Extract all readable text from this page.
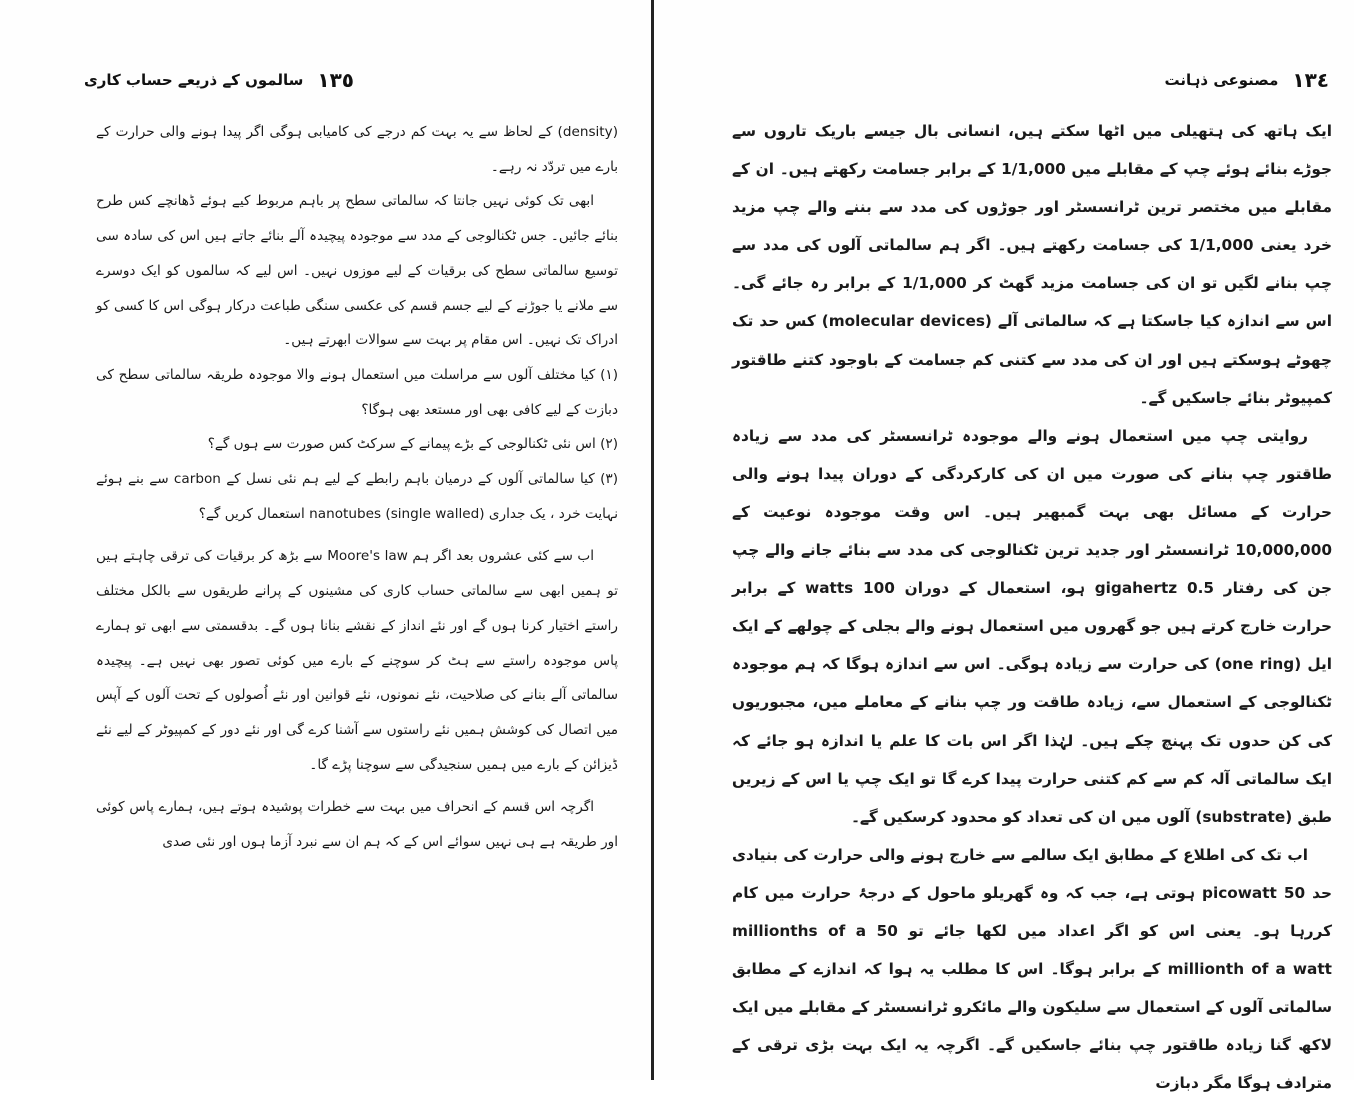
١٣٥
سالموں کے ذریعے حساب کاری

(density) کے لحاظ سے یہ بہت کم درجے کی کامیابی ہوگی اگر پیدا ہونے والی حرارت کے بارے میں تردّد نہ رہے۔

ابھی تک کوئی نہیں جانتا کہ سالماتی سطح پر باہم مربوط کیے ہوئے ڈھانچے کس طرح بنائے جائیں۔ جس ٹکنالوجی کے مدد سے موجودہ پیچیدہ آلے بنائے جاتے ہیں اس کی سادہ سی توسیع سالماتی سطح کی برقیات کے لیے موزوں نہیں۔ اس لیے کہ سالموں کو ایک دوسرے سے ملانے یا جوڑنے کے لیے جسم قسم کی عکسی سنگی طباعت درکار ہوگی اس کا کسی کو ادراک تک نہیں۔ اس مقام پر بہت سے سوالات ابھرتے ہیں۔

(۱) کیا مختلف آلوں سے مراسلت میں استعمال ہونے والا موجودہ طریقہ سالماتی سطح کی دبازت کے لیے کافی بھی اور مستعد بھی ہوگا؟

(۲) اس نئی ٹکنالوجی کے بڑے پیمانے کے سرکٹ کس صورت سے ہوں گے؟

(۳) کیا سالماتی آلوں کے درمیان باہم رابطے کے لیے ہم نئی نسل کے carbon سے بنے ہوئے نہایت خرد ، یک جداری (single walled) nanotubes استعمال کریں گے؟

اب سے کئی عشروں بعد اگر ہم Moore's law سے بڑھ کر برقیات کی ترقی چاہتے ہیں تو ہمیں ابھی سے سالماتی حساب کاری کی مشینوں کے پرانے طریقوں سے بالکل مختلف راستے اختیار کرنا ہوں گے اور نئے انداز کے نقشے بنانا ہوں گے۔ بدقسمتی سے ابھی تو ہمارے پاس موجودہ راستے سے ہٹ کر سوچنے کے بارے میں کوئی تصور بھی نہیں ہے۔ پیچیدہ سالماتی آلے بنانے کی صلاحیت، نئے نمونوں، نئے قوانین اور نئے اُصولوں کے تحت آلوں کے آپس میں اتصال کی کوشش ہمیں نئے راستوں سے آشنا کرے گی اور نئے دور کے کمپیوٹر کے لیے نئے ڈیزائن کے بارے میں ہمیں سنجیدگی سے سوچنا پڑے گا۔

اگرچہ اس قسم کے انحراف میں بہت سے خطرات پوشیدہ ہوتے ہیں، ہمارے پاس کوئی اور طریقہ ہے ہی نہیں سوائے اس کے کہ ہم ان سے نبرد آزما ہوں اور نئی صدی

١٣٤
مصنوعی ذہانت

ایک ہاتھ کی ہتھیلی میں اٹھا سکتے ہیں، انسانی بال جیسے باریک تاروں سے جوڑے بنائے ہوئے چپ کے مقابلے میں 1/1,000 کے برابر جسامت رکھتے ہیں۔ ان کے مقابلے میں مختصر ترین ٹرانسسٹر اور جوڑوں کی مدد سے بننے والے چپ مزید خرد یعنی 1/1,000 کی جسامت رکھتے ہیں۔ اگر ہم سالماتی آلوں کی مدد سے چپ بنانے لگیں تو ان کی جسامت مزید گھٹ کر 1/1,000 کے برابر رہ جائے گی۔ اس سے اندازہ کیا جاسکتا ہے کہ سالماتی آلے (molecular devices) کس حد تک چھوٹے ہوسکتے ہیں اور ان کی مدد سے کتنی کم جسامت کے باوجود کتنے طاقتور کمپیوٹر بنائے جاسکیں گے۔

روایتی چپ میں استعمال ہونے والے موجودہ ٹرانسسٹر کی مدد سے زیادہ طاقتور چپ بنانے کی صورت میں ان کی کارکردگی کے دوران پیدا ہونے والی حرارت کے مسائل بھی بہت گمبھیر ہیں۔ اس وقت موجودہ نوعیت کے 10,000,000 ٹرانسسٹر اور جدید ترین ٹکنالوجی کی مدد سے بنائے جانے والے چپ جن کی رفتار 0.5 gigahertz ہو، استعمال کے دوران 100 watts کے برابر حرارت خارج کرتے ہیں جو گھروں میں استعمال ہونے والے بجلی کے چولھے کے ایک ایل (one ring) کی حرارت سے زیادہ ہوگی۔ اس سے اندازہ ہوگا کہ ہم موجودہ ٹکنالوجی کے استعمال سے، زیادہ طاقت ور چپ بنانے کے معاملے میں، مجبوریوں کی کن حدوں تک پہنچ چکے ہیں۔ لہٰذا اگر اس بات کا علم یا اندازہ ہو جائے کہ ایک سالماتی آلہ کم سے کم کتنی حرارت پیدا کرے گا تو ایک چپ یا اس کے زیریں طبق (substrate) آلوں میں ان کی تعداد کو محدود کرسکیں گے۔

اب تک کی اطلاع کے مطابق ایک سالمے سے خارج ہونے والی حرارت کی بنیادی حد 50 picowatt ہوتی ہے، جب کہ وہ گھریلو ماحول کے درجۂ حرارت میں کام کررہا ہو۔ یعنی اس کو اگر اعداد میں لکھا جائے تو 50 millionths of a millionth of a watt کے برابر ہوگا۔ اس کا مطلب یہ ہوا کہ اندازے کے مطابق سالماتی آلوں کے استعمال سے سلیکون والے مائکرو ٹرانسسٹر کے مقابلے میں ایک لاکھ گنا زیادہ طاقتور چپ بنائے جاسکیں گے۔ اگرچہ یہ ایک بہت بڑی ترقی کے مترادف ہوگا مگر دبازت
